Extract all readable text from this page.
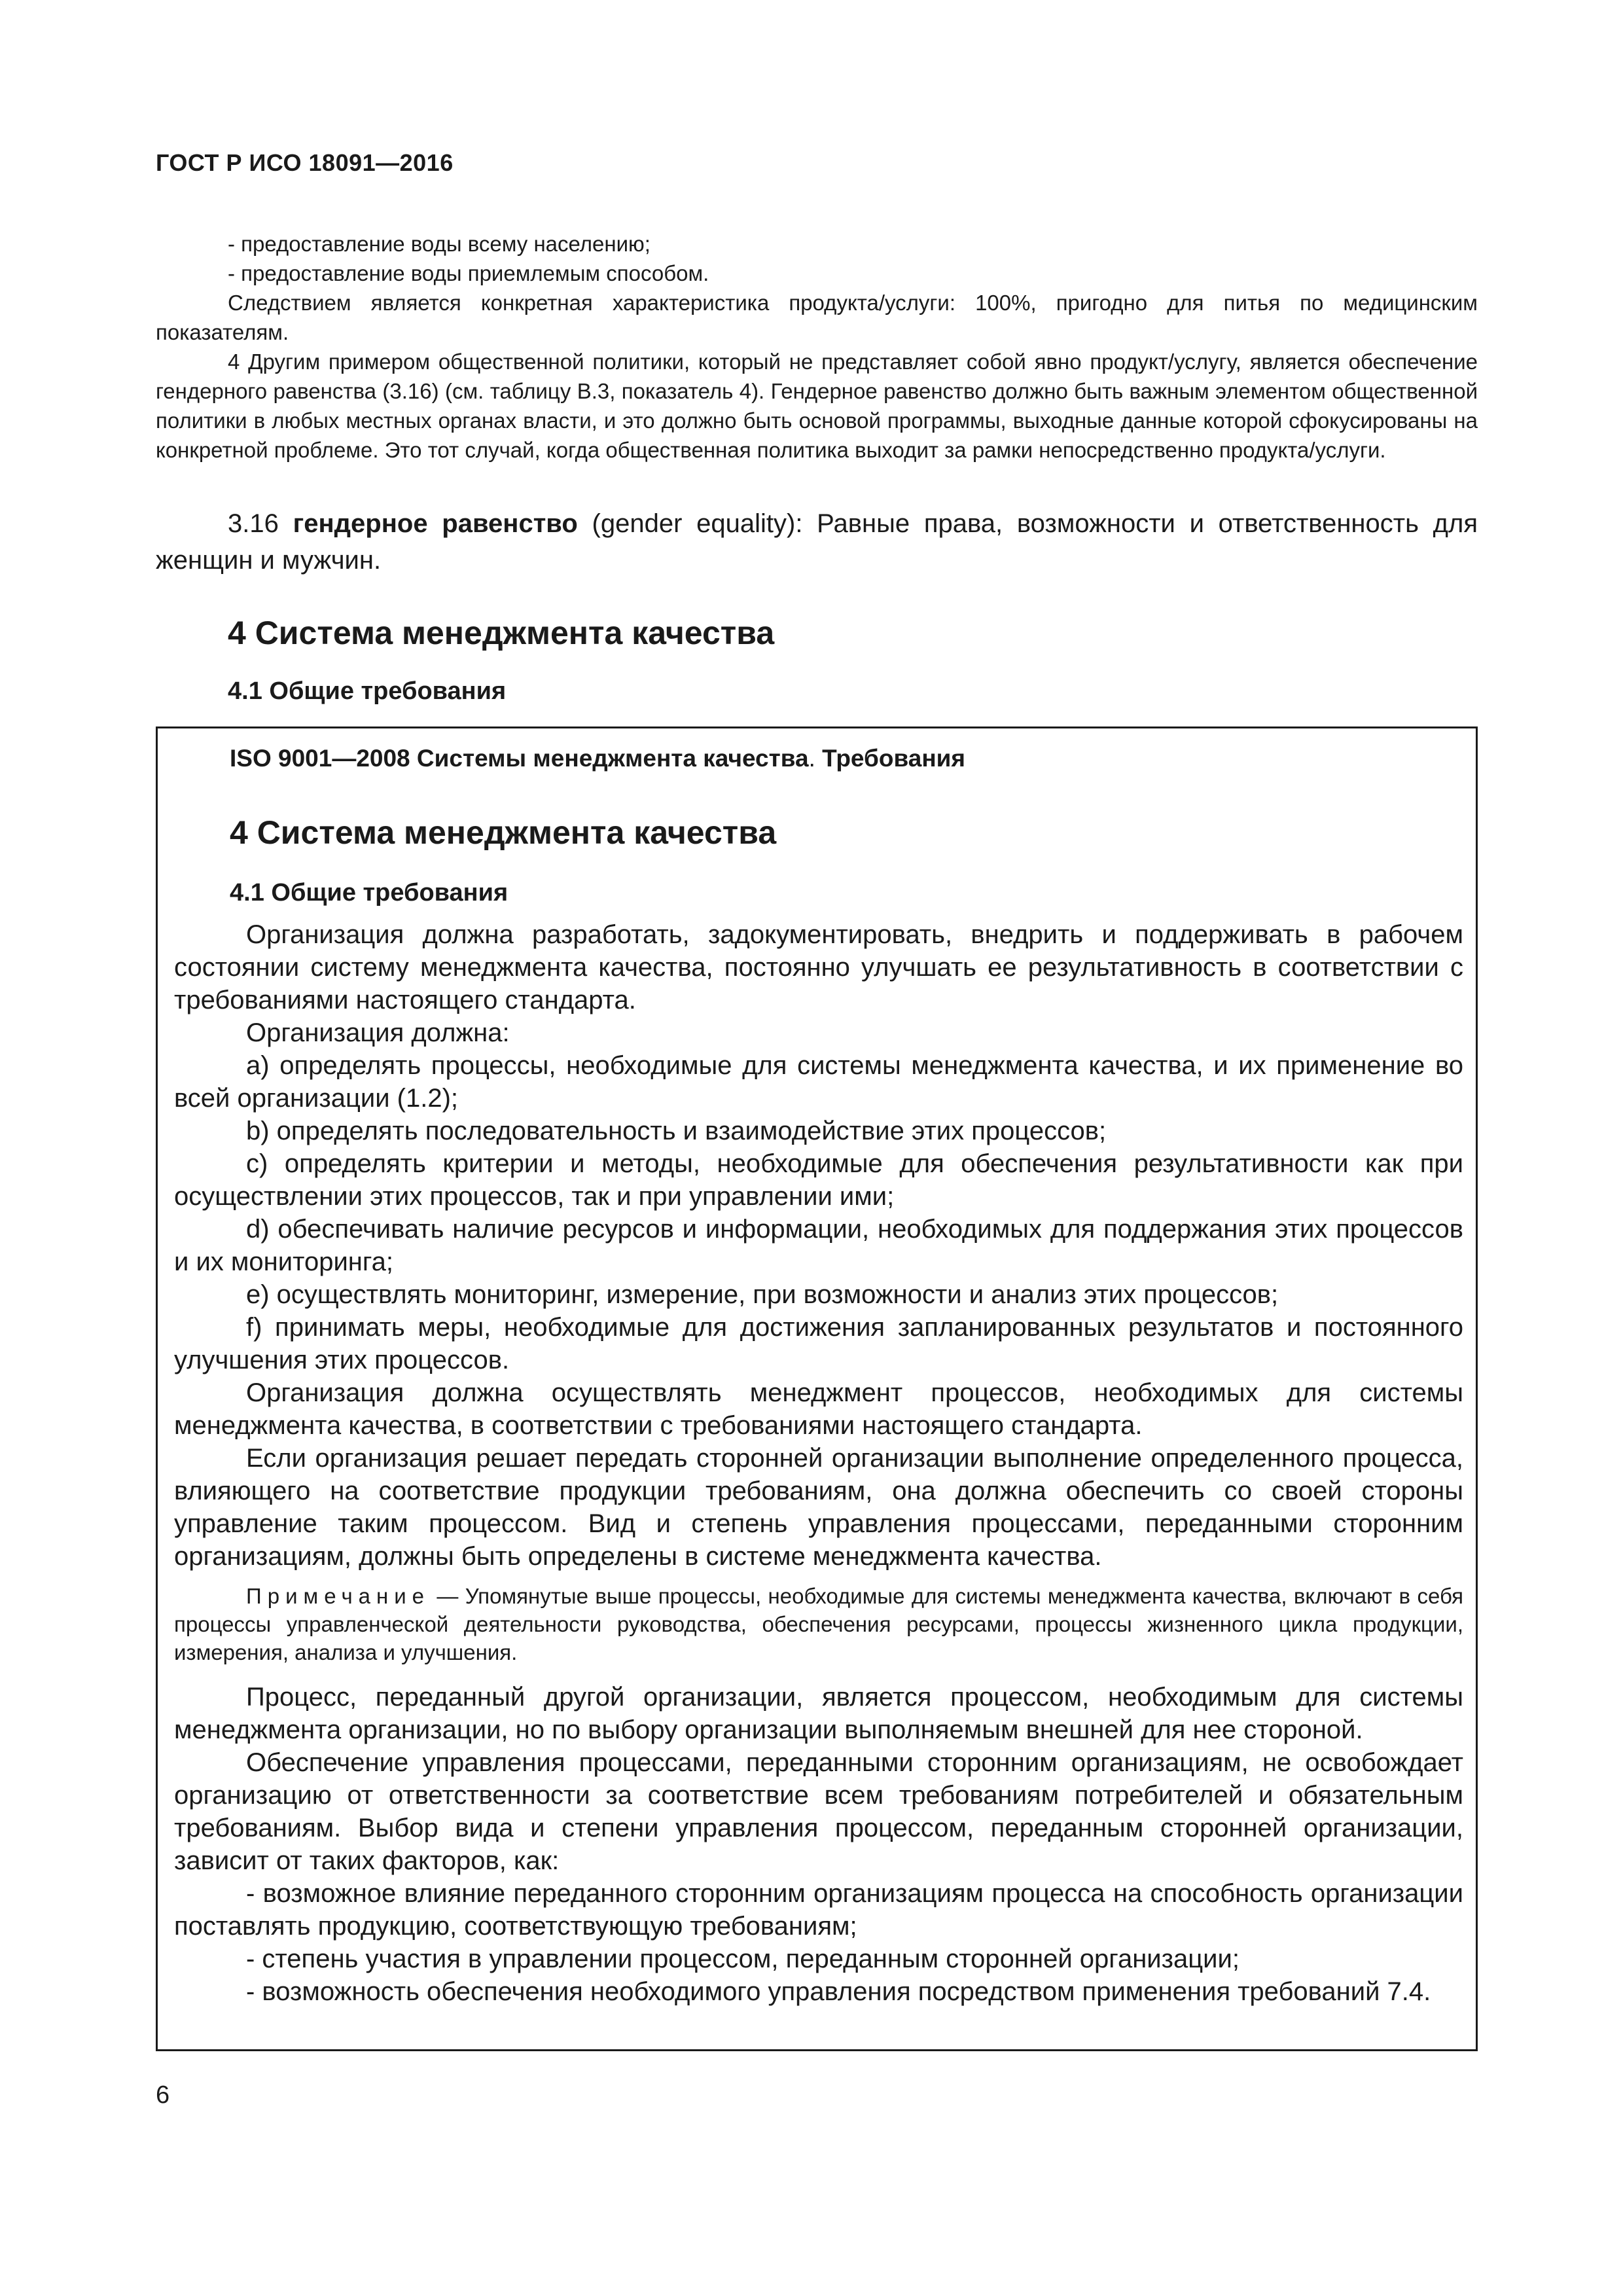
ГОСТ Р ИСО 18091—2016

- предоставление воды всему населению;

- предоставление воды приемлемым способом.

Следствием является конкретная характеристика продукта/услуги: 100%, пригодно для питья по медицинским показателям.

4 Другим примером общественной политики, который не представляет собой явно продукт/услугу, является обеспечение гендерного равенства (3.16) (см. таблицу B.3, показатель 4). Гендерное равенство должно быть важным элементом общественной политики в любых местных органах власти, и это должно быть основой программы, выходные данные которой сфокусированы на конкретной проблеме. Это тот случай, когда общественная политика выходит за рамки непосредственно продукта/услуги.

3.16 гендерное равенство (gender equality): Равные права, возможности и ответственность для женщин и мужчин.

4 Система менеджмента качества
4.1 Общие требования
ISO 9001—2008 Системы менеджмента качества. Требования
4 Система менеджмента качества
4.1 Общие требования

Организация должна разработать, задокументировать, внедрить и поддерживать в рабочем состоянии систему менеджмента качества, постоянно улучшать ее результативность в соответствии с требованиями настоящего стандарта.

Организация должна:

a) определять процессы, необходимые для системы менеджмента качества, и их применение во всей организации (1.2);

b) определять последовательность и взаимодействие этих процессов;

c) определять критерии и методы, необходимые для обеспечения результативности как при осуществлении этих процессов, так и при управлении ими;

d) обеспечивать наличие ресурсов и информации, необходимых для поддержания этих процессов и их мониторинга;

e) осуществлять мониторинг, измерение, при возможности и анализ этих процессов;

f) принимать меры, необходимые для достижения запланированных результатов и постоянного улучшения этих процессов.

Организация должна осуществлять менеджмент процессов, необходимых для системы менеджмента качества, в соответствии с требованиями настоящего стандарта.

Если организация решает передать сторонней организации выполнение определенного процесса, влияющего на соответствие продукции требованиям, она должна обеспечить со своей стороны управление таким процессом. Вид и степень управления процессами, переданными сторонним организациям, должны быть определены в системе менеджмента качества.

Примечание — Упомянутые выше процессы, необходимые для системы менеджмента качества, включают в себя процессы управленческой деятельности руководства, обеспечения ресурсами, процессы жизненного цикла продукции, измерения, анализа и улучшения.

Процесс, переданный другой организации, является процессом, необходимым для системы менеджмента организации, но по выбору организации выполняемым внешней для нее стороной.

Обеспечение управления процессами, переданными сторонним организациям, не освобождает организацию от ответственности за соответствие всем требованиям потребителей и обязательным требованиям. Выбор вида и степени управления процессом, переданным сторонней организации, зависит от таких факторов, как:

- возможное влияние переданного сторонним организациям процесса на способность организации поставлять продукцию, соответствующую требованиям;

- степень участия в управлении процессом, переданным сторонней организации;

- возможность обеспечения необходимого управления посредством применения требований 7.4.

6
